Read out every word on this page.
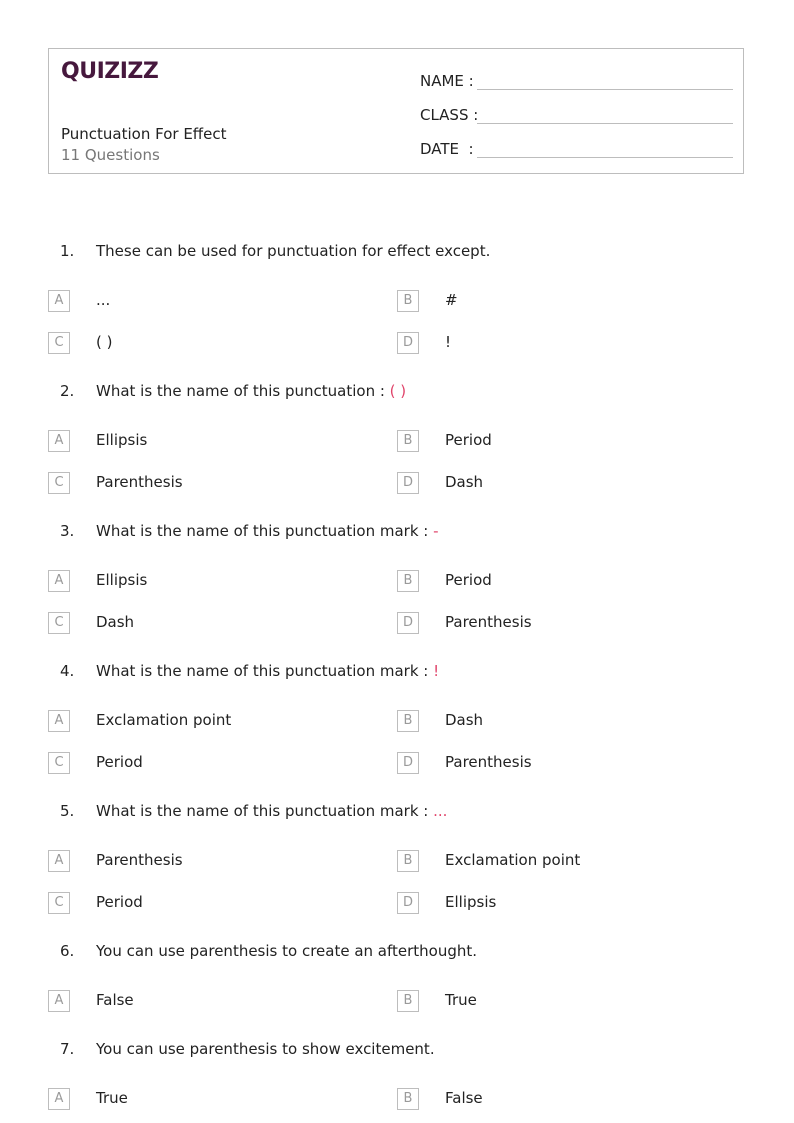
QUIZIZZ
Punctuation For Effect
11 Questions
NAME :
CLASS :
DATE  :
1. These can be used for punctuation for effect except.
A	...	B	#
C	( )	D	!
2. What is the name of this punctuation : ( )
A	Ellipsis	B	Period
C	Parenthesis	D	Dash
3. What is the name of this punctuation mark : -
A	Ellipsis	B	Period
C	Dash	D	Parenthesis
4. What is the name of this punctuation mark : !
A	Exclamation point	B	Dash
C	Period	D	Parenthesis
5. What is the name of this punctuation mark : ...
A	Parenthesis	B	Exclamation point
C	Period	D	Ellipsis
6. You can use parenthesis to create an afterthought.
A	False	B	True
7. You can use parenthesis to show excitement.
A	True	B	False
